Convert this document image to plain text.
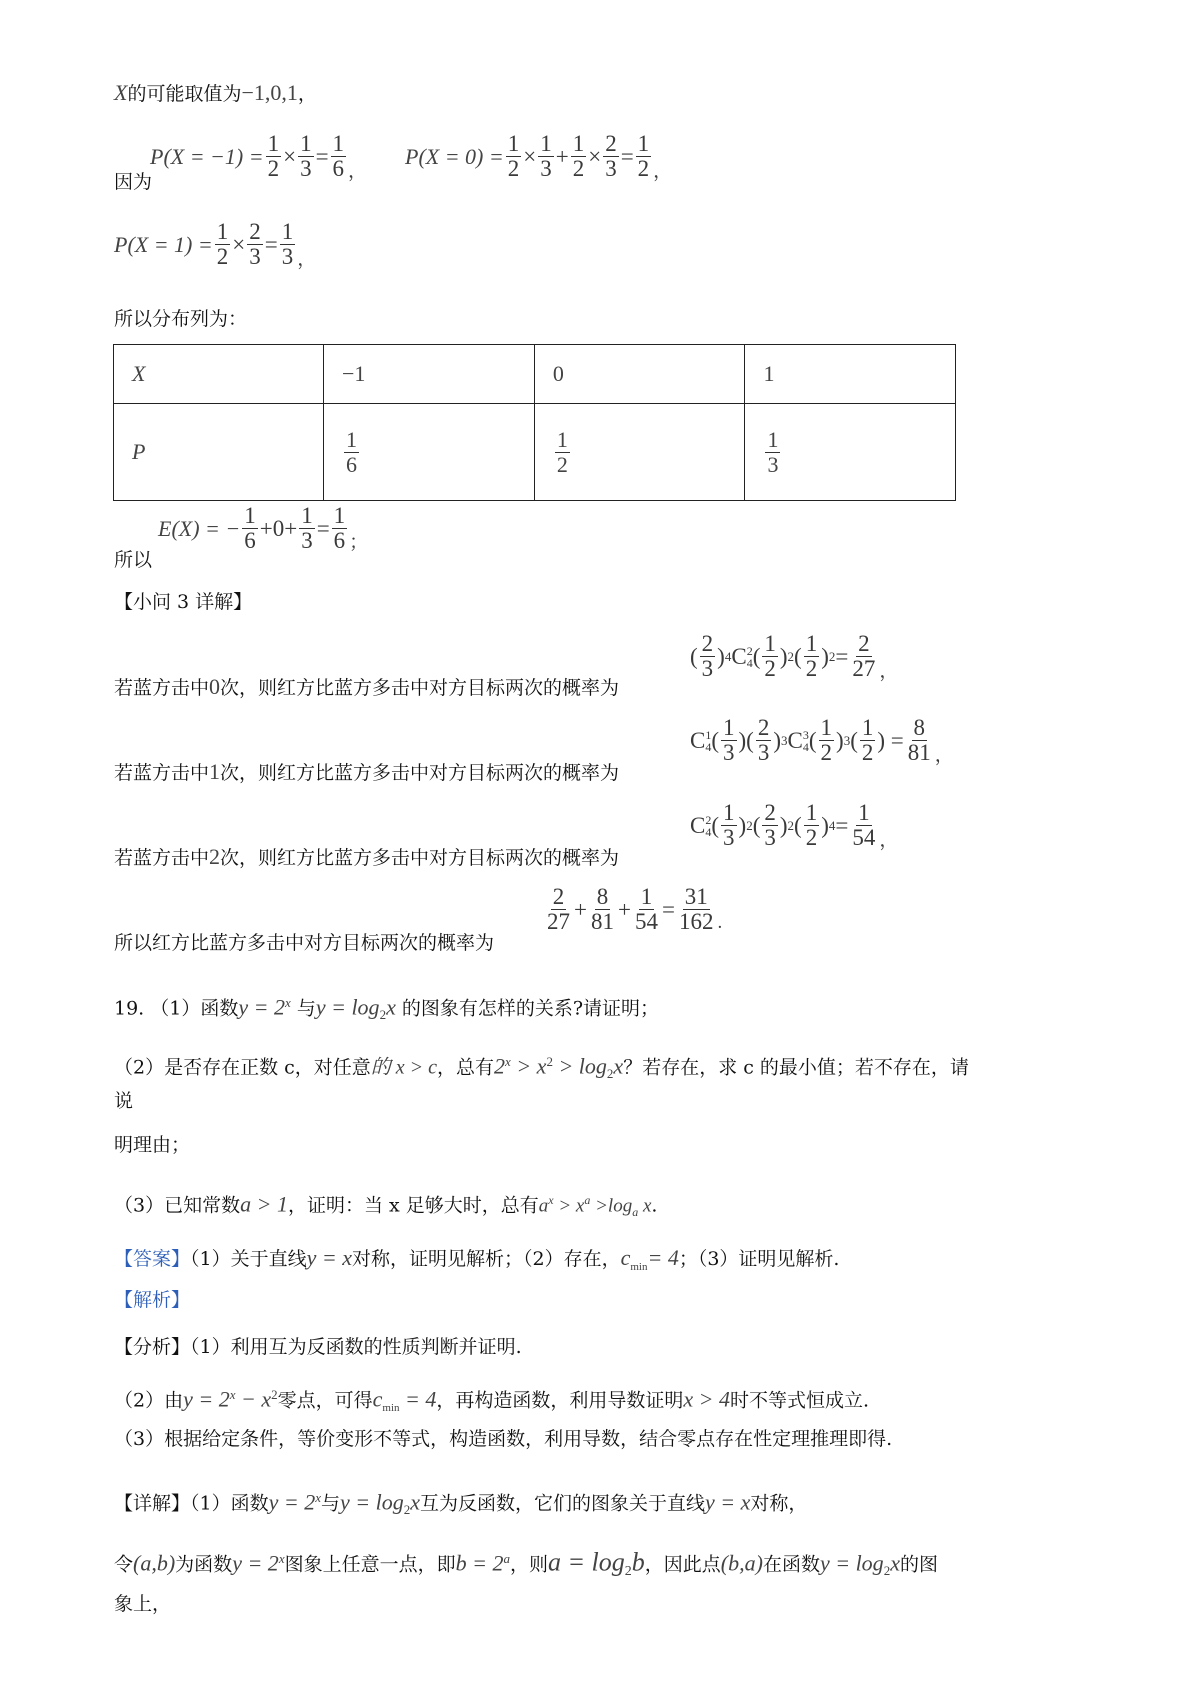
X的可能取值为−1,0,1，
因为
$P(X = -1) = \frac{1}{2} \times \frac{1}{3} = \frac{1}{6}$ ，
$P(X = 0) = \frac{1}{2} \times \frac{1}{3} + \frac{1}{2} \times \frac{2}{3} = \frac{1}{2}$ ，
$P(X = 1) = \frac{1}{2} \times \frac{2}{3} = \frac{1}{3}$ ，
所以分布列为：
X	−1	0	1
P	$\frac{1}{6}$	$\frac{1}{2}$	$\frac{1}{3}$
所以
E(X) = − $\frac{1}{6} +0+ \frac{1}{3} = \frac{1}{6}$ ；
【小问 3 详解】
若蓝方击中0次，则红方比蓝方多击中对方目标两次的概率为
( $\frac{2}{3}$ ) 4 C 2
4 ( $\frac{1}{2}$ ) 2 ( $\frac{1}{2}$ ) $2 = \frac{2}{27}$ ，
若蓝方击中1次，则红方比蓝方多击中对方目标两次的概率为
C 1
4 ( $\frac{1}{3}$ )( $\frac{2}{3}$ ) 3 C 3
4 ( $\frac{1}{2}$ ) 3 ( $\frac{1}{2}$ ) = $\frac{8}{81}$ ，
若蓝方击中2次，则红方比蓝方多击中对方目标两次的概率为
C 2
4 ( $\frac{1}{3}$ ) 2 ( $\frac{2}{3}$ ) 2 ( $\frac{1}{2}$ ) $4 = \frac{1}{54}$ ，
所以红方比蓝方多击中对方目标两次的概率为
$\frac{2}{27} + \frac{8}{81} + \frac{1}{54} = \frac{31}{162}$ .
19. （1）函数$y = 2^x$ 与$y = \log_2x$ 的图象有怎样的关系?请证明；
（2）是否存在正数 c，对任意的 x > c，总有$2^x > x^2 > \log_2x$？若存在，求 c 的最小值；若不存在，请
说
明理由；
（3）已知常数a > 1，证明：当 x 足够大时，总有$a^x > x^a >\log_a$ x.
【答案】（1）关于直线y = x对称，证明见解析；（2）存在，$c_{min}= 4$；（3）证明见解析.
【解析】
【分析】（1）利用互为反函数的性质判断并证明.
（2）由$y = 2^x - x^2$零点，可得$c_{min} = 4$，再构造函数，利用导数证明x > 4时不等式恒成立.
（3）根据给定条件，等价变形不等式，构造函数，利用导数，结合零点存在性定理推理即得.
【详解】（1）函数$y = 2^x$与$y = \log_2x$互为反函数，它们的图象关于直线y = x对称，
令(a,b)为函数$y = 2^x$图象上任意一点，即$b = 2^a$，则$a = \log_2b$，因此点(b,a)在函数$y = \log_2x$的图
象上，
